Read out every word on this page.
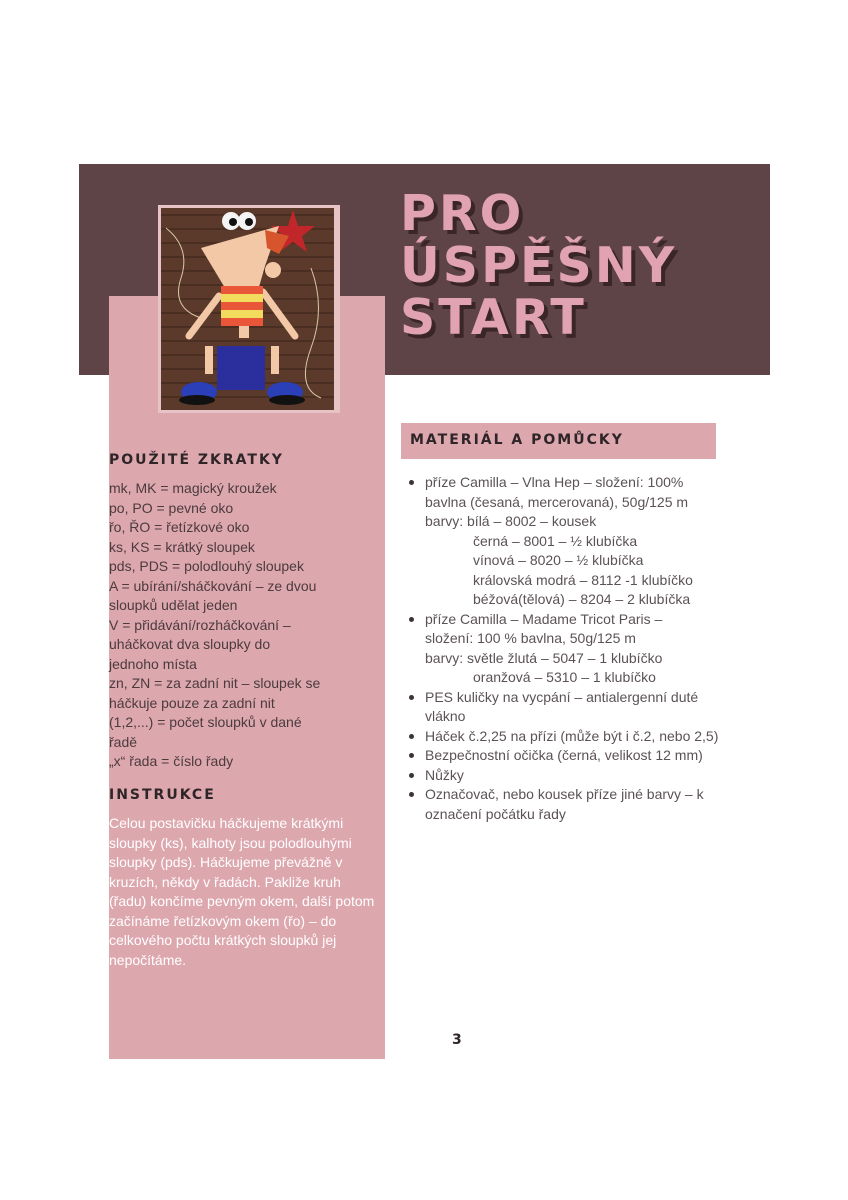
PRO
ÚSPĚŠNÝ
START
POUŽITÉ ZKRATKY
mk, MK = magický kroužek
po, PO = pevné oko
řo, ŘO = řetízkové oko
ks, KS = krátký sloupek
pds, PDS = polodlouhý sloupek
A = ubírání/sháčkování – ze dvou
sloupků udělat jeden
V = přidávání/rozháčkování –
uháčkovat dva sloupky do
jednoho místa
zn, ZN = za zadní nit – sloupek se
háčkuje pouze za zadní nit
(1,2,...) = počet sloupků v dané
řadě
„x“ řada = číslo řady
INSTRUKCE

Celou postavičku háčkujeme krátkými sloupky (ks), kalhoty jsou polodlouhými sloupky (pds). Háčkujeme převážně v kruzích, někdy v řadách. Pakliže kruh (řadu) končíme pevným okem, další potom začínáme řetízkovým okem (řo) – do celkového počtu krátkých sloupků jej nepočítáme.

MATERIÁL A POMŮCKY
příze Camilla – Vlna Hep – složení: 100%
bavlna (česaná, mercerovaná), 50g/125 m
barvy: bílá – 8002 – kousek
černá – 8001 – ½ klubíčka
vínová – 8020 – ½ klubíčka
královská modrá – 8112 -1 klubíčko
béžová(tělová) – 8204 – 2 klubíčka
příze Camilla – Madame Tricot Paris –
složení: 100 % bavlna, 50g/125 m
barvy: světle žlutá – 5047 – 1 klubíčko
oranžová – 5310 – 1 klubíčko
PES kuličky na vycpání – antialergenní duté vlákno
Háček č.2,25 na přízi (může být i č.2, nebo 2,5)
Bezpečnostní očička (černá, velikost 12 mm)
Nůžky
Označovač, nebo kousek příze jiné barvy – k označení počátku řady
3
